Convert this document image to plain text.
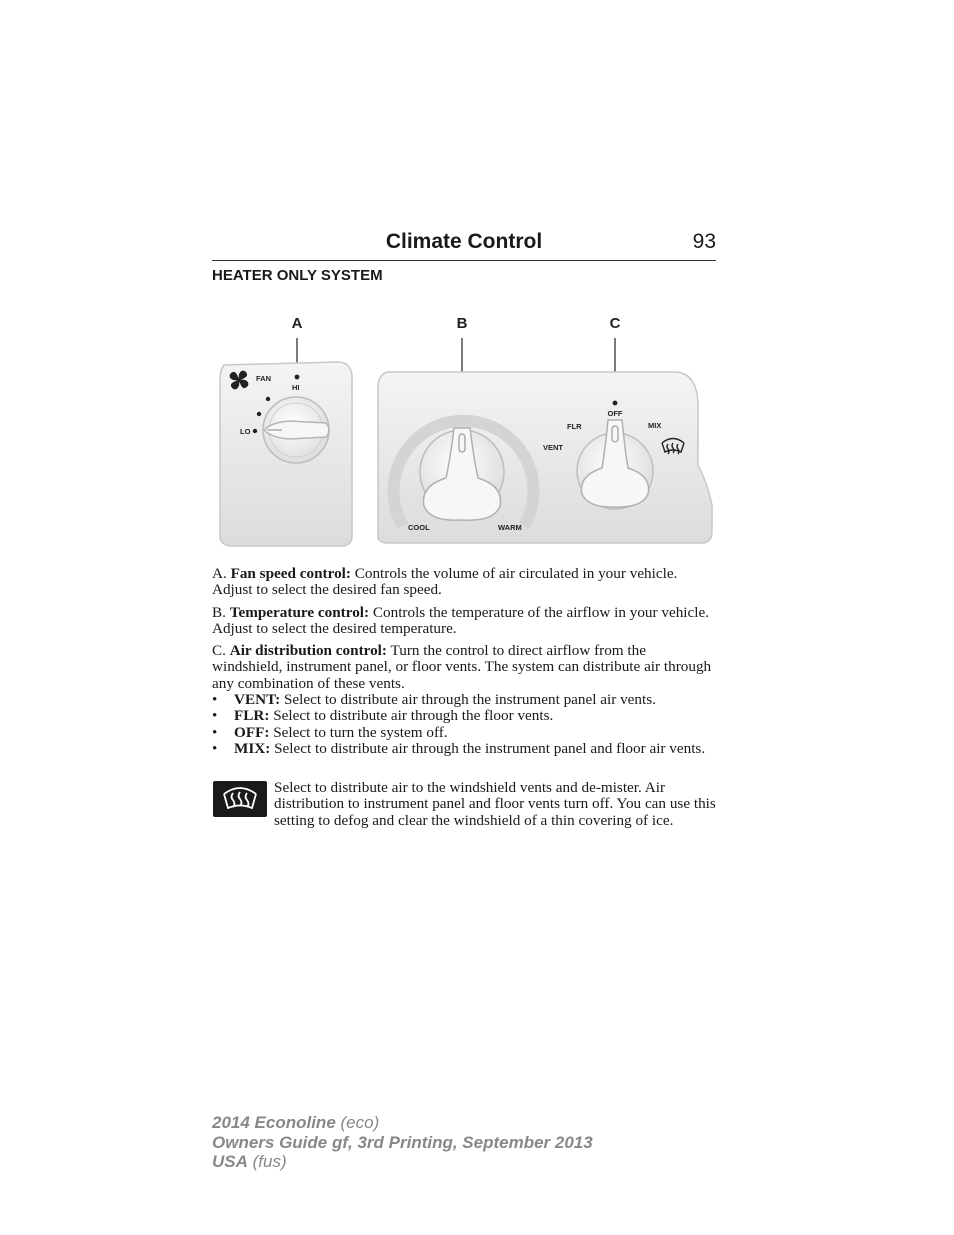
Climate Control	93
HEATER ONLY SYSTEM
A	B	C
FAN
HI
LO
COOL	WARM
OFF
FLR	MIX
VENT

A. Fan speed control: Controls the volume of air circulated in your vehicle. Adjust to select the desired fan speed.

B. Temperature control: Controls the temperature of the airflow in your vehicle. Adjust to select the desired temperature.

C. Air distribution control: Turn the control to direct airflow from the windshield, instrument panel, or floor vents. The system can distribute air through any combination of these vents.

• VENT: Select to distribute air through the instrument panel air vents.
• FLR: Select to distribute air through the floor vents.
• OFF: Select to turn the system off.
• MIX: Select to distribute air through the instrument panel and floor air vents.
Select to distribute air to the windshield vents and de-mister. Air distribution to instrument panel and floor vents turn off. You can use this setting to defog and clear the windshield of a thin covering of ice.
2014 Econoline (eco)
Owners Guide gf, 3rd Printing, September 2013
USA (fus)
